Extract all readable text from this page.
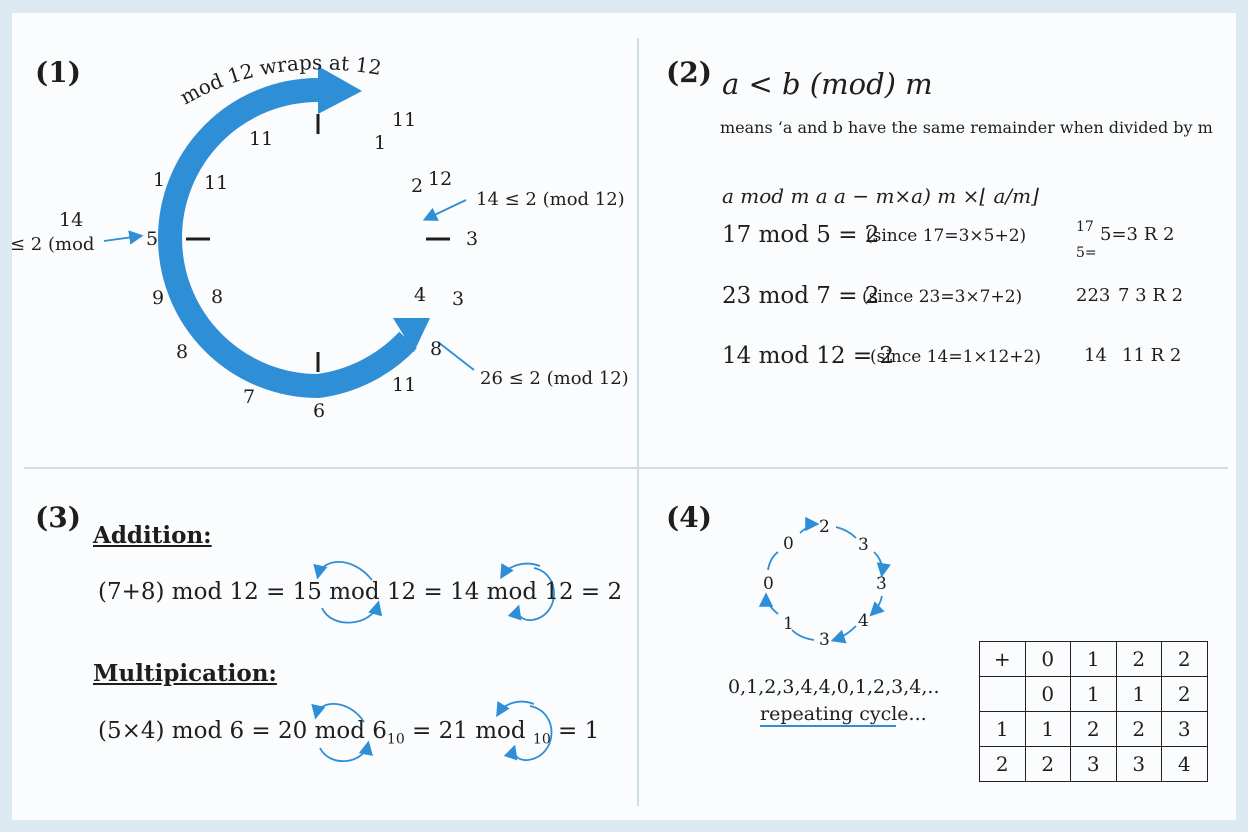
mod 12 wraps at 12
(1)	(2)
(3)	(4)
11
1
11
1 11	2 12
5	3
9 8	4 3
8	8
7
6
11
14 ≤ 2 (mod 12)
14
≤ 2 (mod
26 ≤ 2 (mod 12)
a < b (mod) m
means ‘a and b have the same remainder when divided by m
a mod m a a − m×a) m ×⌊ a/m⌋
17 mod 5 = 2
(since 17=3×5+2)	17
5=
5=3 R 2
23 mod 7 = 2
(since 23=3×7+2)	223 7 3 R 2
14 mod 12 = 2
(since 14=1×12+2) 14 11 R 2
Addition:
(7+8) mod 12 = 15 mod 12 = 14 mod 12 = 2
Multipication:
(5×4) mod 6 = 20 mod $6_{10} = 21$ mod $_{10}$ = 1
2
3
3
4
3
1
0
0
0,1,2,3,4,4,0,1,2,3,4,..
repeating cycle...
+	0	1	2	2
	0	1	1	2
1	1	2	2	3
2	2	3	3	4
